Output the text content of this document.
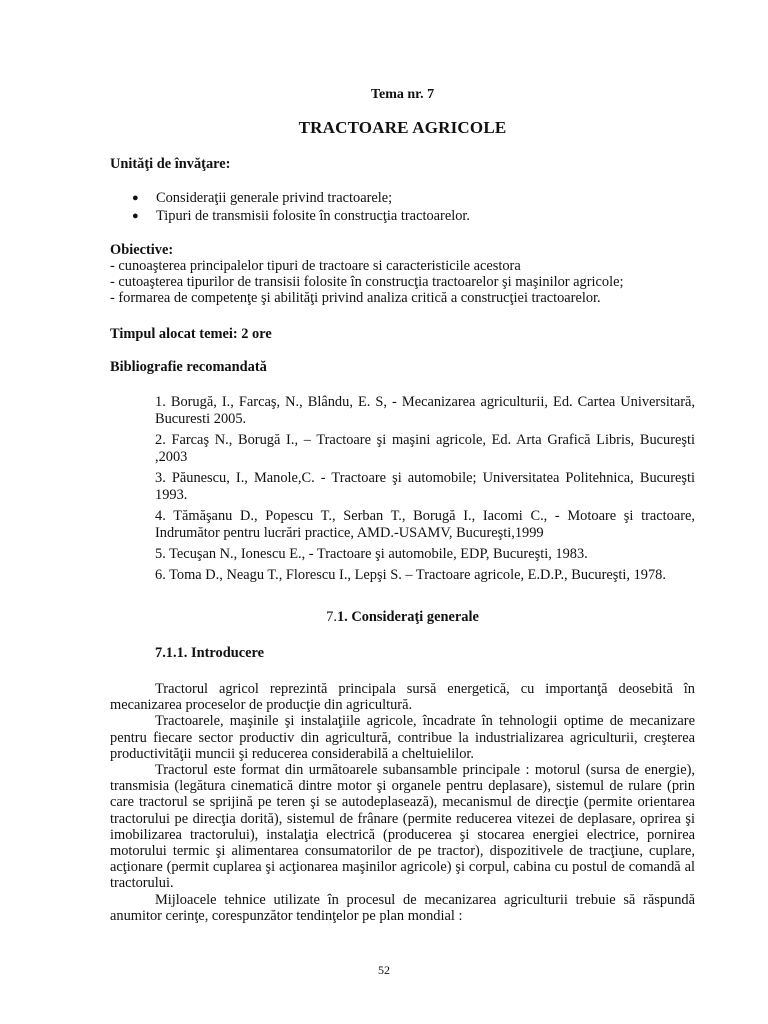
Tema nr. 7
TRACTOARE AGRICOLE
Unităţi de învăţare:
● Consideraţii generale privind tractoarele;
● Tipuri de transmisii folosite în construcţia tractoarelor.
Obiective:
- cunoaşterea principalelor tipuri de tractoare si caracteristicile acestora
- cutoaşterea tipurilor de transisii folosite în construcţia tractoarelor şi maşinilor agricole;
- formarea de competenţe şi abilităţi privind analiza critică a construcţiei tractoarelor.
Timpul alocat temei: 2 ore
Bibliografie recomandată
1. Borugă, I., Farcaş, N., Blându, E. S, - Mecanizarea agriculturii, Ed. Cartea Universitară, Bucuresti 2005.
2. Farcaş N., Borugă I., – Tractoare şi maşini agricole, Ed. Arta Grafică Libris, Bucureşti ,2003
3. Păunescu, I., Manole,C. - Tractoare şi automobile; Universitatea Politehnica, Bucureşti 1993.
4. Tămăşanu D., Popescu T., Serban T., Borugă I., Iacomi C., - Motoare şi tractoare, Indrumător pentru lucrări practice, AMD.-USAMV, Bucureşti,1999
5. Tecuşan N., Ionescu E., - Tractoare şi automobile, EDP, Bucureşti, 1983.
6. Toma D., Neagu T., Florescu I., Lepşi S. – Tractoare agricole, E.D.P., Bucureşti, 1978.
7.1. Consideraţi generale
7.1.1. Introducere

Tractorul agricol reprezintă principala sursă energetică, cu importanţă deosebită în mecanizarea proceselor de producţie din agricultură.

Tractoarele, maşinile şi instalaţiile agricole, încadrate în tehnologii optime de mecanizare pentru fiecare sector productiv din agricultură, contribue la industrializarea agriculturii, creşterea productivităţii muncii şi reducerea considerabilă a cheltuielilor.

Tractorul este format din următoarele subansamble principale : motorul (sursa de energie), transmisia (legătura cinematică dintre motor şi organele pentru deplasare), sistemul de rulare (prin care tractorul se sprijină pe teren şi se autodeplasează), mecanismul de direcţie (permite orientarea tractorului pe direcţia dorită), sistemul de frânare (permite reducerea vitezei de deplasare, oprirea şi imobilizarea tractorului), instalaţia electrică (producerea şi stocarea energiei electrice, pornirea motorului termic şi alimentarea consumatorilor de pe tractor), dispozitivele de tracţiune, cuplare, acţionare (permit cuplarea şi acţionarea maşinilor agricole) şi corpul, cabina cu postul de comandă al tractorului.

Mijloacele tehnice utilizate în procesul de mecanizarea agriculturii trebuie să răspundă anumitor cerinţe, corespunzător tendinţelor pe plan mondial :

52
